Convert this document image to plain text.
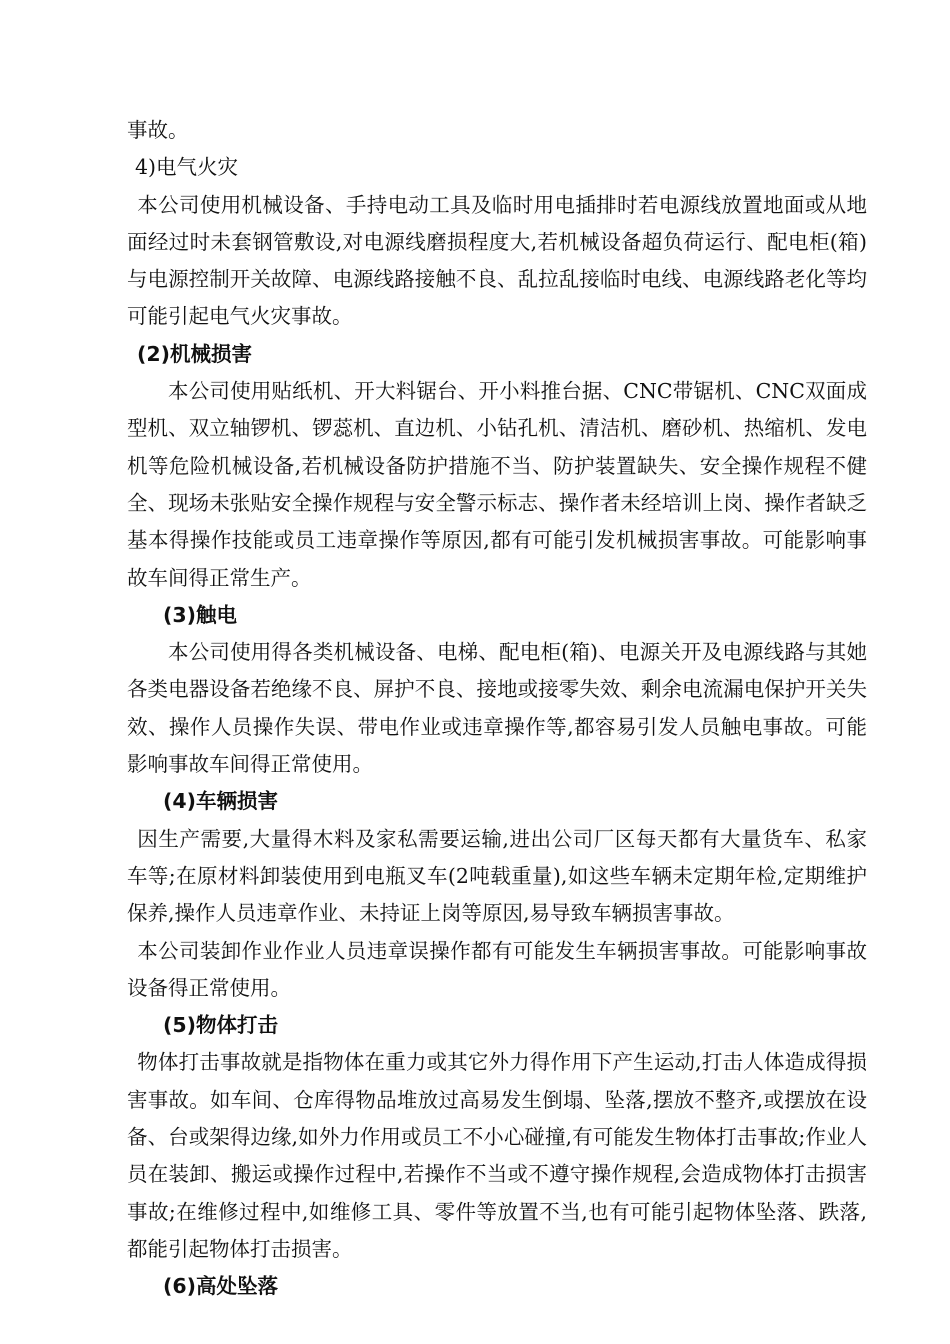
事故。

4)电气火灾

本公司使用机械设备、手持电动工具及临时用电插排时若电源线放置地面或从地面经过时未套钢管敷设,对电源线磨损程度大,若机械设备超负荷运行、配电柜(箱)与电源控制开关故障、电源线路接触不良、乱拉乱接临时电线、电源线路老化等均可能引起电气火灾事故。

(2)机械损害

本公司使用贴纸机、开大料锯台、开小料推台据、CNC带锯机、CNC双面成型机、双立轴锣机、锣蕊机、直边机、小钻孔机、清洁机、磨砂机、热缩机、发电机等危险机械设备,若机械设备防护措施不当、防护装置缺失、安全操作规程不健全、现场未张贴安全操作规程与安全警示标志、操作者未经培训上岗、操作者缺乏基本得操作技能或员工违章操作等原因,都有可能引发机械损害事故。可能影响事故车间得正常生产。

(3)触电

本公司使用得各类机械设备、电梯、配电柜(箱)、电源关开及电源线路与其她各类电器设备若绝缘不良、屏护不良、接地或接零失效、剩余电流漏电保护开关失效、操作人员操作失误、带电作业或违章操作等,都容易引发人员触电事故。可能影响事故车间得正常使用。

(4)车辆损害

因生产需要,大量得木料及家私需要运输,进出公司厂区每天都有大量货车、私家车等;在原材料卸装使用到电瓶叉车(2吨载重量),如这些车辆未定期年检,定期维护保养,操作人员违章作业、未持证上岗等原因,易导致车辆损害事故。

本公司装卸作业作业人员违章误操作都有可能发生车辆损害事故。可能影响事故设备得正常使用。

(5)物体打击

物体打击事故就是指物体在重力或其它外力得作用下产生运动,打击人体造成得损害事故。如车间、仓库得物品堆放过高易发生倒塌、坠落,摆放不整齐,或摆放在设备、台或架得边缘,如外力作用或员工不小心碰撞,有可能发生物体打击事故;作业人员在装卸、搬运或操作过程中,若操作不当或不遵守操作规程,会造成物体打击损害事故;在维修过程中,如维修工具、零件等放置不当,也有可能引起物体坠落、跌落,都能引起物体打击损害。

(6)高处坠落
